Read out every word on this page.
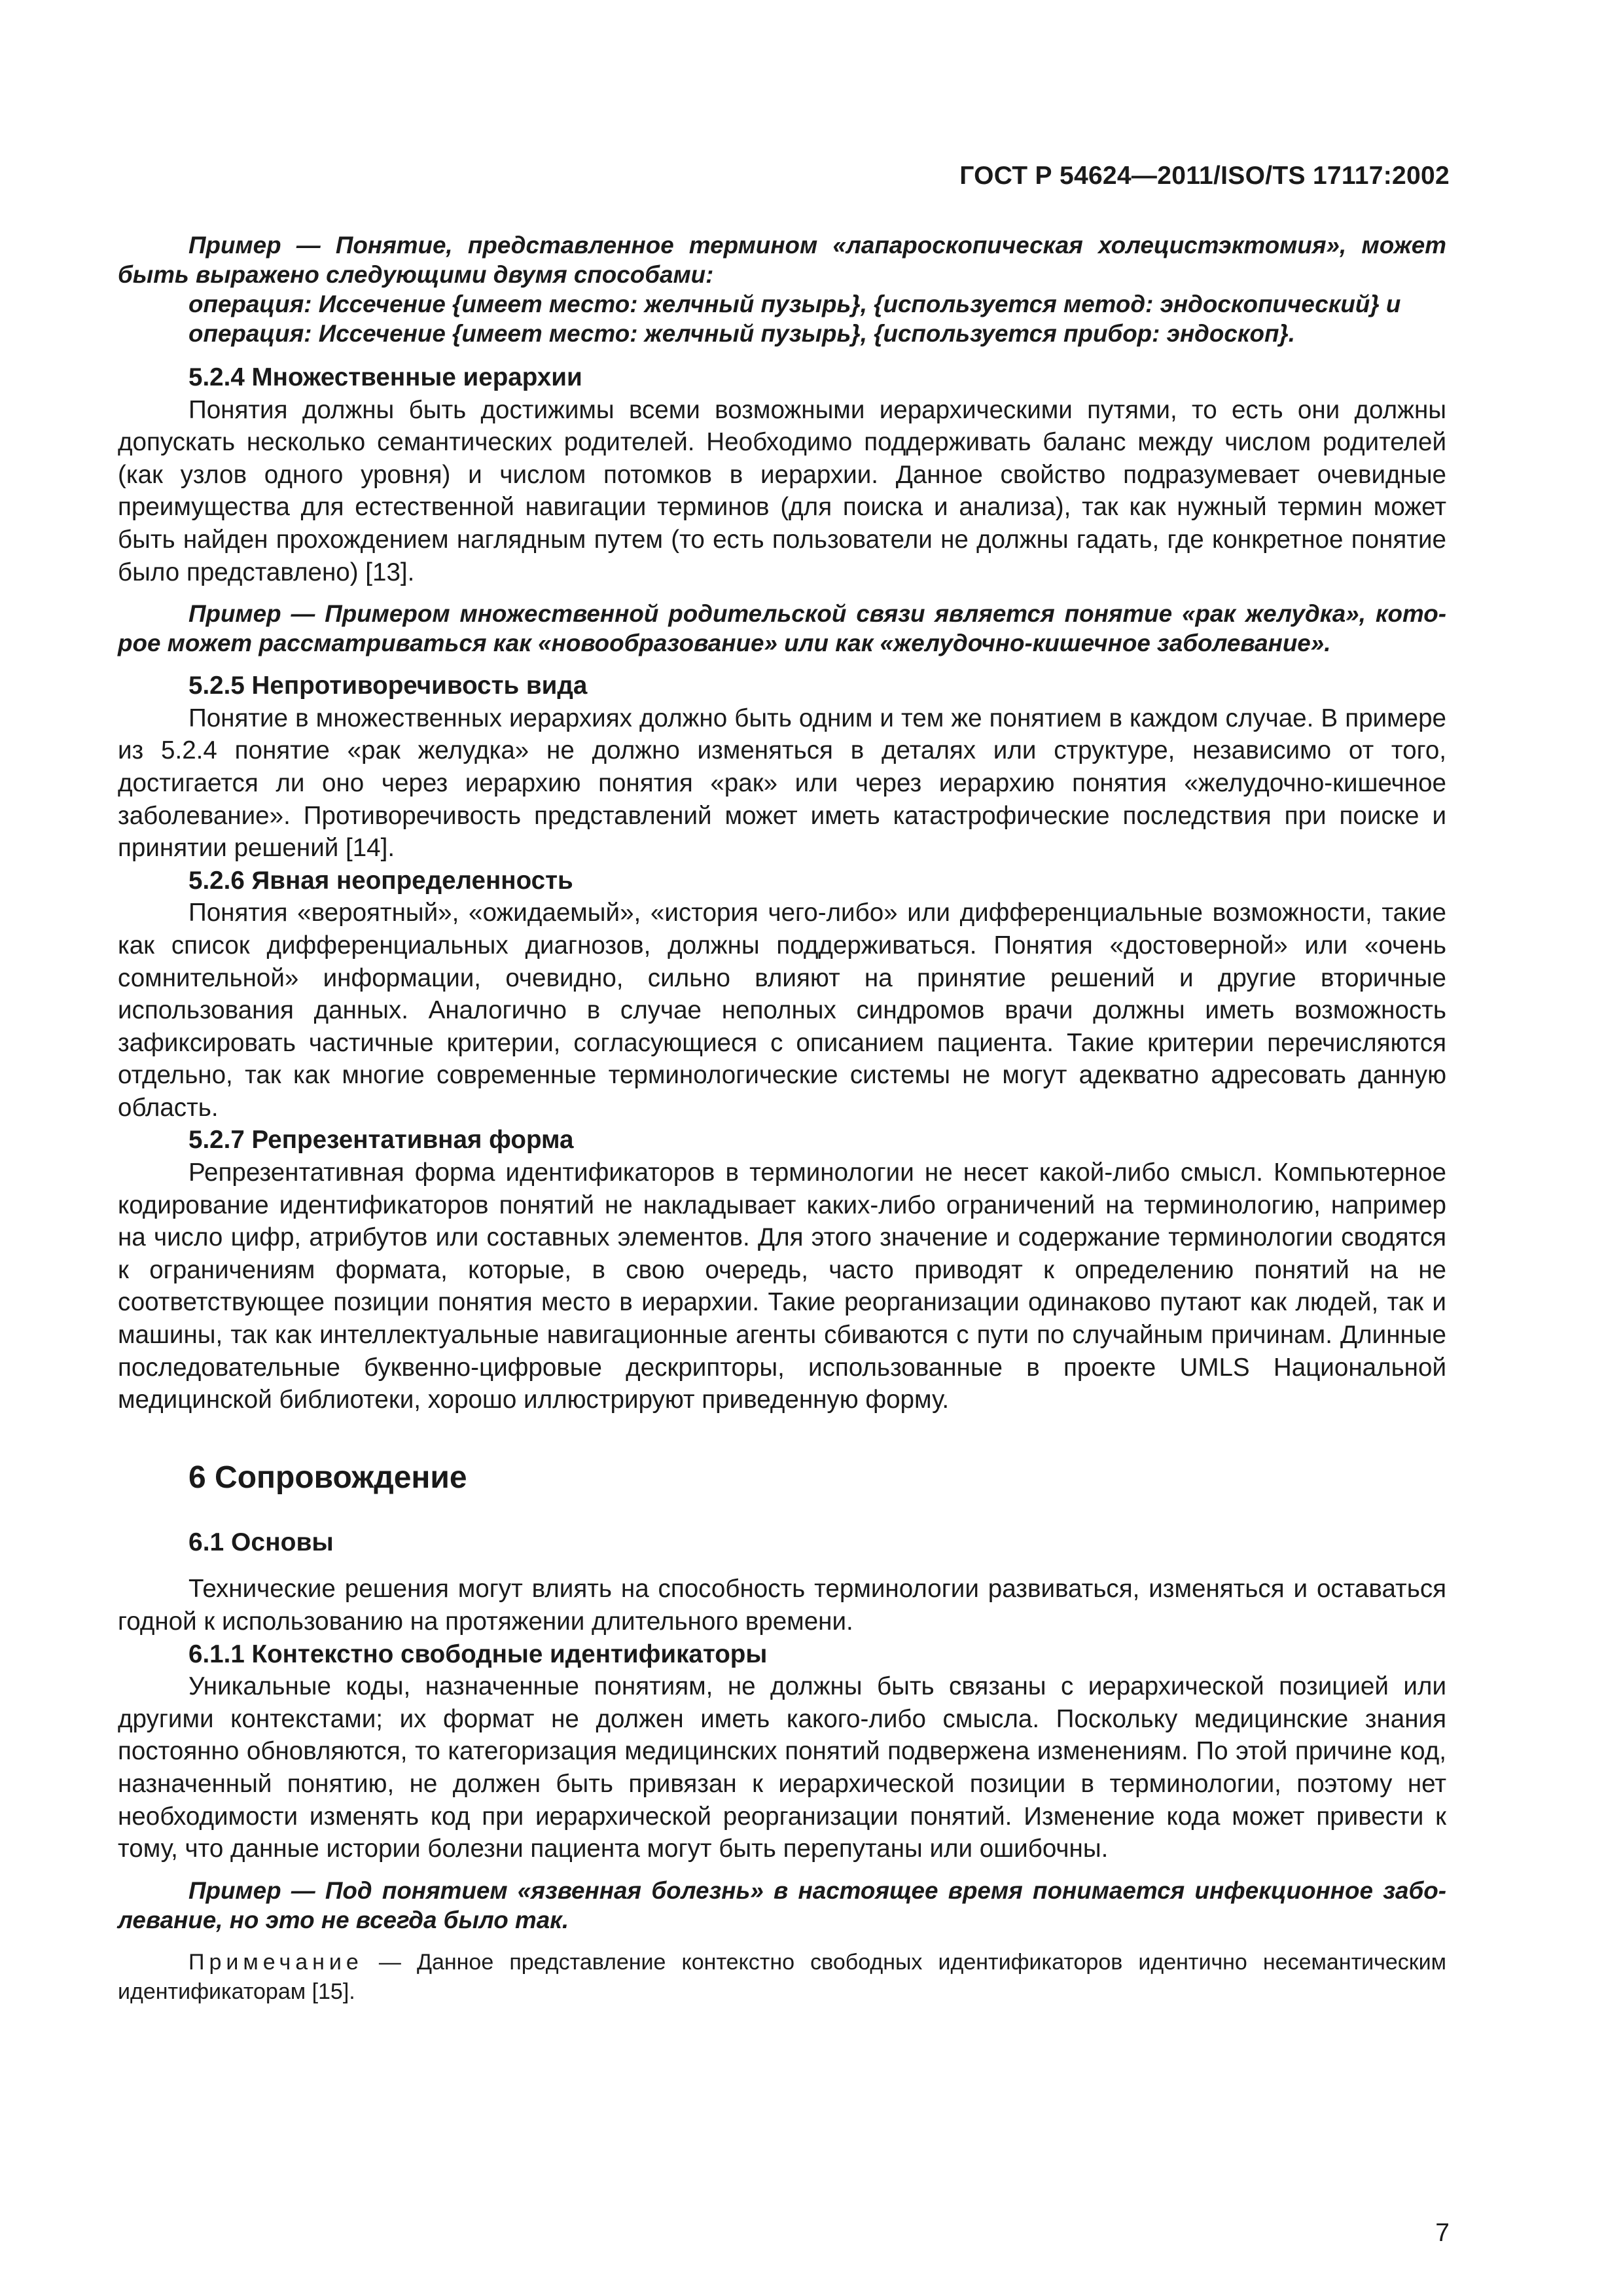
ГОСТ Р 54624—2011/ISO/TS 17117:2002

Пример — Понятие, представленное термином «лапароскопическая холецистэктомия», может быть выражено следующими двумя способами:

операция: Иссечение {имеет место: желчный пузырь}, {используется метод: эндоскопический} и

операция: Иссечение {имеет место: желчный пузырь}, {используется прибор: эндоскоп}.

5.2.4 Множественные иерархии

Понятия должны быть достижимы всеми возможными иерархическими путями, то есть они должны допускать несколько семантических родителей. Необходимо поддерживать баланс между числом родителей (как узлов одного уровня) и числом потомков в иерархии. Данное свойство подразумевает очевидные преимущества для естественной навигации терминов (для поиска и анализа), так как нужный термин может быть найден прохождением наглядным путем (то есть пользователи не должны гадать, где конкретное понятие было представлено) [13].

Пример — Примером множественной родительской связи является понятие «рак желудка», которое может рассматриваться как «новообразование» или как «желудочно-кишечное заболевание».

5.2.5 Непротиворечивость вида

Понятие в множественных иерархиях должно быть одним и тем же понятием в каждом случае. В примере из 5.2.4 понятие «рак желудка» не должно изменяться в деталях или структуре, независимо от того, достигается ли оно через иерархию понятия «рак» или через иерархию понятия «желудочно-кишечное заболевание». Противоречивость представлений может иметь катастрофические последствия при поиске и принятии решений [14].

5.2.6 Явная неопределенность

Понятия «вероятный», «ожидаемый», «история чего-либо» или дифференциальные возможности, такие как список дифференциальных диагнозов, должны поддерживаться. Понятия «достоверной» или «очень сомнительной» информации, очевидно, сильно влияют на принятие решений и другие вторичные использования данных. Аналогично в случае неполных синдромов врачи должны иметь возможность зафиксировать частичные критерии, согласующиеся с описанием пациента. Такие критерии перечисляются отдельно, так как многие современные терминологические системы не могут адекватно адресовать данную область.

5.2.7 Репрезентативная форма

Репрезентативная форма идентификаторов в терминологии не несет какой-либо смысл. Компьютерное кодирование идентификаторов понятий не накладывает каких-либо ограничений на терминологию, например на число цифр, атрибутов или составных элементов. Для этого значение и содержание терминологии сводятся к ограничениям формата, которые, в свою очередь, часто приводят к определению понятий на не соответствующее позиции понятия место в иерархии. Такие реорганизации одинаково путают как людей, так и машины, так как интеллектуальные навигационные агенты сбиваются с пути по случайным причинам. Длинные последовательные буквенно-цифровые дескрипторы, использованные в проекте UMLS Национальной медицинской библиотеки, хорошо иллюстрируют приведенную форму.

6 Сопровождение
6.1 Основы

Технические решения могут влиять на способность терминологии развиваться, изменяться и оставаться годной к использованию на протяжении длительного времени.

6.1.1 Контекстно свободные идентификаторы

Уникальные коды, назначенные понятиям, не должны быть связаны с иерархической позицией или другими контекстами; их формат не должен иметь какого-либо смысла. Поскольку медицинские знания постоянно обновляются, то категоризация медицинских понятий подвержена изменениям. По этой причине код, назначенный понятию, не должен быть привязан к иерархической позиции в терминологии, поэтому нет необходимости изменять код при иерархической реорганизации понятий. Изменение кода может привести к тому, что данные истории болезни пациента могут быть перепутаны или ошибочны.

Пример — Под понятием «язвенная болезнь» в настоящее время понимается инфекционное заболевание, но это не всегда было так.

Примечание — Данное представление контекстно свободных идентификаторов идентично несемантическим идентификаторам [15].

7
